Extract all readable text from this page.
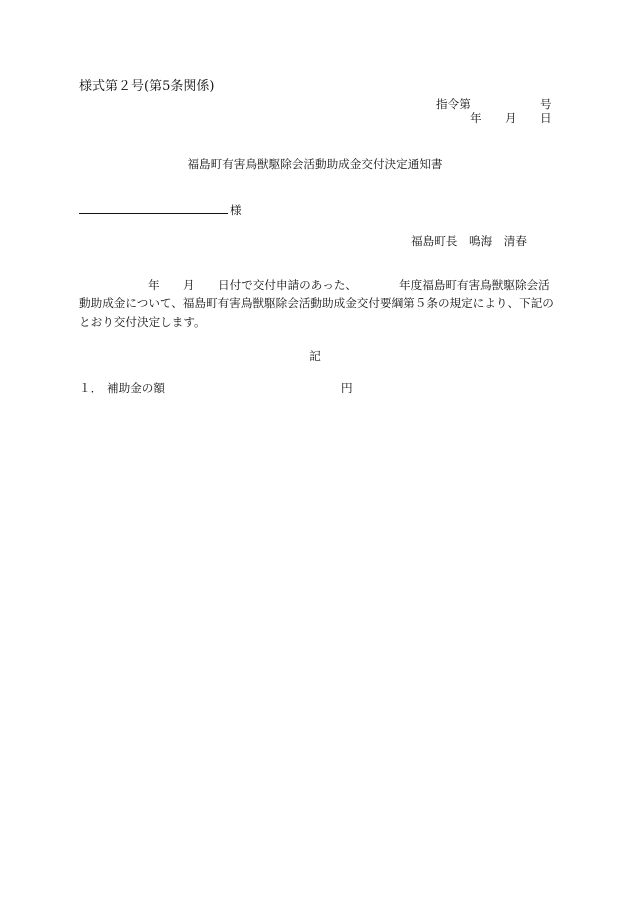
様式第２号(第5条関係)
指令第	号
年 月 日
福島町有害鳥獣駆除会活動助成金交付決定通知書
様
福島町長　鳴海　清春
年 月 日付で交付申請のあった、	年度福島町有害鳥獣駆除会活
動助成金について、福島町有害鳥獣駆除会活動助成金交付要綱第５条の規定により、下記の
とおり交付決定します。
記
１． 補助金の額	円
